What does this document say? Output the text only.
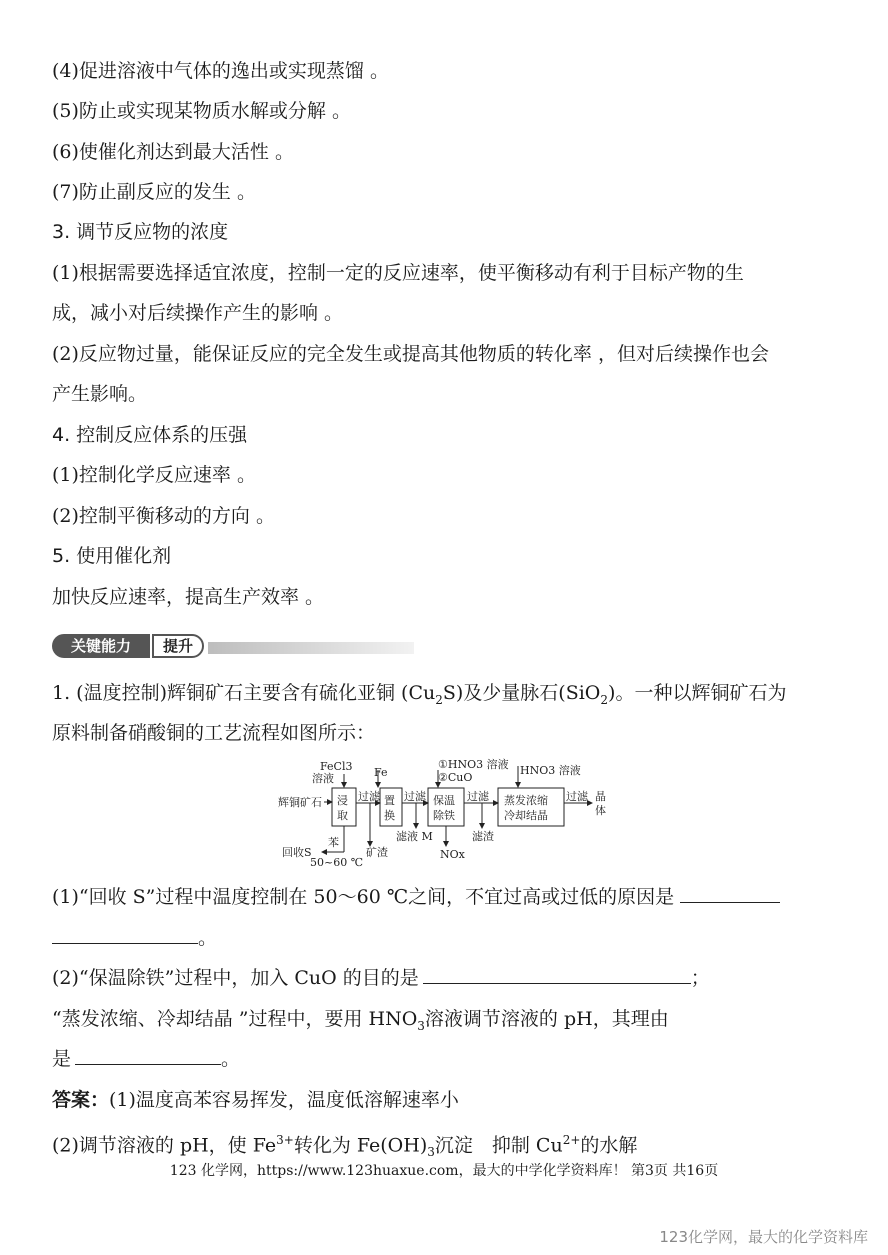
(4)促进溶液中气体的逸出或实现蒸馏 。
(5)防止或实现某物质水解或分解 。
(6)使催化剂达到最大活性 。
(7)防止副反应的发生 。
3. 调节反应物的浓度
(1)根据需要选择适宜浓度，控制一定的反应速率，使平衡移动有利于目标产物的生
成，减小对后续操作产生的影响 。
(2)反应物过量，能保证反应的完全发生或提高其他物质的转化率 ，但对后续操作也会
产生影响。
4. 控制反应体系的压强
(1)控制化学反应速率 。
(2)控制平衡移动的方向 。
5. 使用催化剂
加快反应速率，提高生产效率 。
关键能力	提升
1. (温度控制)辉铜矿石主要含有硫化亚铜 $(Cu_2S)$及少量脉石(SiO$_2$)。一种以辉铜矿石为
原料制备硝酸铜的工艺流程如图所示：
FeCl3
溶液	Fe
①HNO3 溶液
②CuO
HNO3 溶液
辉铜矿石 浸
取
过滤 置
换
过滤 保温
除铁
过滤 蒸发浓缩
冷却结晶
过滤 晶
体
矿渣
滤液 M
NOx
滤渣
回收S
苯
50~60 ℃
(1)“回收 S”过程中温度控制在 50～60 ℃之间，不宜过高或过低的原因是
。
(2)“保温除铁”过程中，加入 CuO 的目的是	；
“蒸发浓缩、冷却结晶 ”过程中，要用 $HNO_3$溶液调节溶液的 pH，其理由
是	。
答案：(1)温度高苯容易挥发，温度低溶解速率小
(2)调节溶液的 pH，使 $Fe^{3+}$转化为 $Fe(OH)_3$沉淀　抑制 $Cu^{2+}$的水解
123 化学网，https://www.123huaxue.com，最大的中学化学资料库！ 第3页 共16页
123化学网，最大的化学资料库
